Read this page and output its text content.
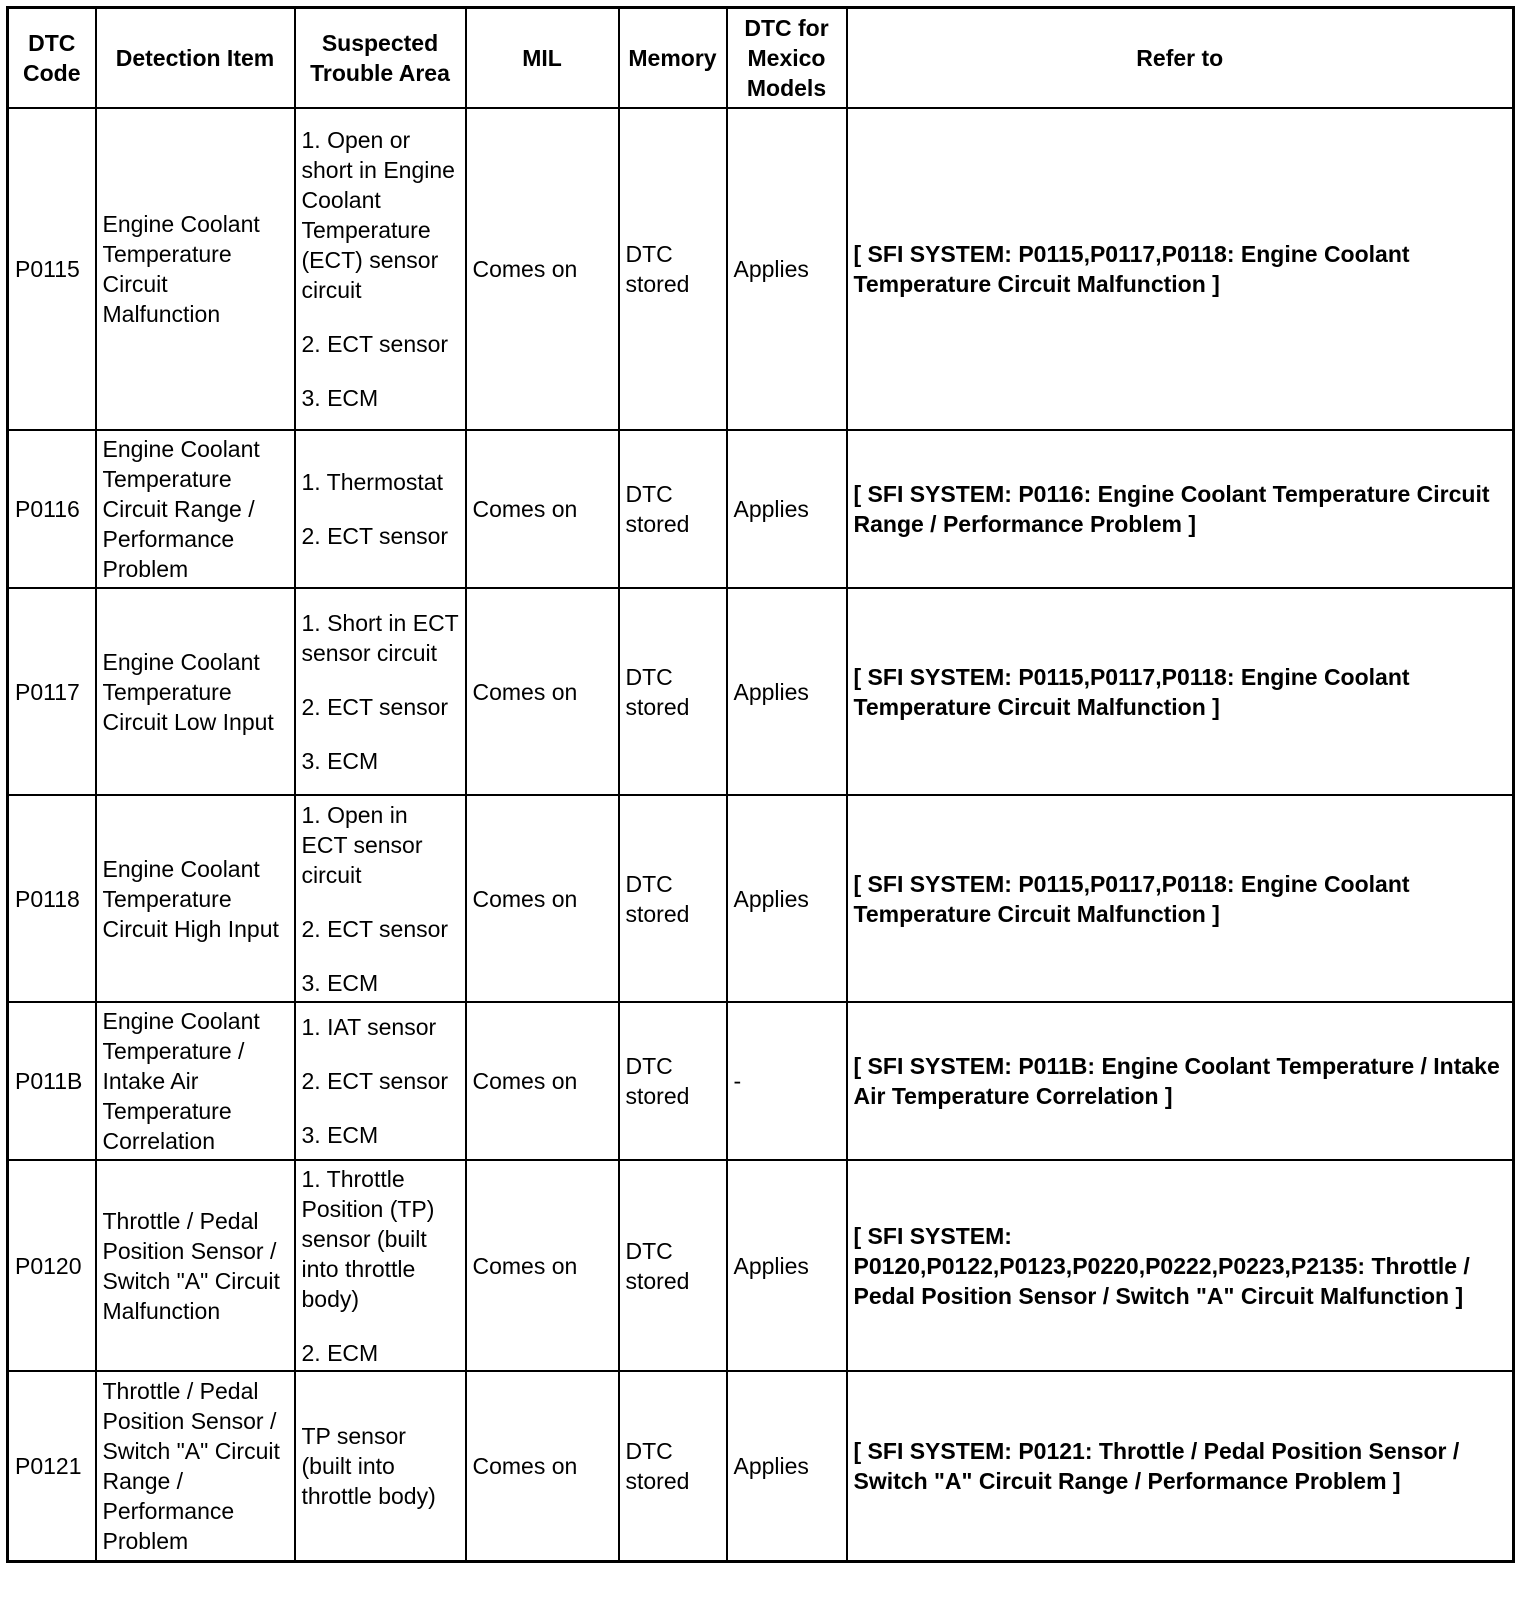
DTC
Code	Detection Item	Suspected
Trouble Area	MIL	Memory	DTC for
Mexico
Models	Refer to

P0115	Engine Coolant Temperature Circuit Malfunction	1. Open or short in Engine Coolant Temperature (ECT) sensor circuit
2. ECT sensor
3. ECM	Comes on	DTC stored	Applies	[ SFI SYSTEM: P0115,P0117,P0118: Engine Coolant Temperature Circuit Malfunction ]
P0116	Engine Coolant Temperature Circuit Range / Performance Problem	1. Thermostat
2. ECT sensor	Comes on	DTC stored	Applies	[ SFI SYSTEM: P0116: Engine Coolant Temperature Circuit Range / Performance Problem ]
P0117	Engine Coolant Temperature Circuit Low Input	1. Short in ECT sensor circuit
2. ECT sensor
3. ECM	Comes on	DTC stored	Applies	[ SFI SYSTEM: P0115,P0117,P0118: Engine Coolant Temperature Circuit Malfunction ]
P0118	Engine Coolant Temperature Circuit High Input	1. Open in ECT sensor circuit
2. ECT sensor
3. ECM	Comes on	DTC stored	Applies	[ SFI SYSTEM: P0115,P0117,P0118: Engine Coolant Temperature Circuit Malfunction ]
P011B	Engine Coolant Temperature / Intake Air Temperature Correlation	1. IAT sensor
2. ECT sensor
3. ECM	Comes on	DTC stored	-	[ SFI SYSTEM: P011B: Engine Coolant Temperature / Intake Air Temperature Correlation ]
P0120	Throttle / Pedal Position Sensor / Switch "A" Circuit Malfunction	1. Throttle Position (TP) sensor (built into throttle body)
2. ECM	Comes on	DTC stored	Applies	[ SFI SYSTEM: P0120,P0122,P0123,P0220,P0222,P0223,P2135: Throttle / Pedal Position Sensor / Switch "A" Circuit Malfunction ]
P0121	Throttle / Pedal Position Sensor / Switch "A" Circuit Range / Performance Problem	TP sensor (built into throttle body)	Comes on	DTC stored	Applies	[ SFI SYSTEM: P0121: Throttle / Pedal Position Sensor / Switch "A" Circuit Range / Performance Problem ]
